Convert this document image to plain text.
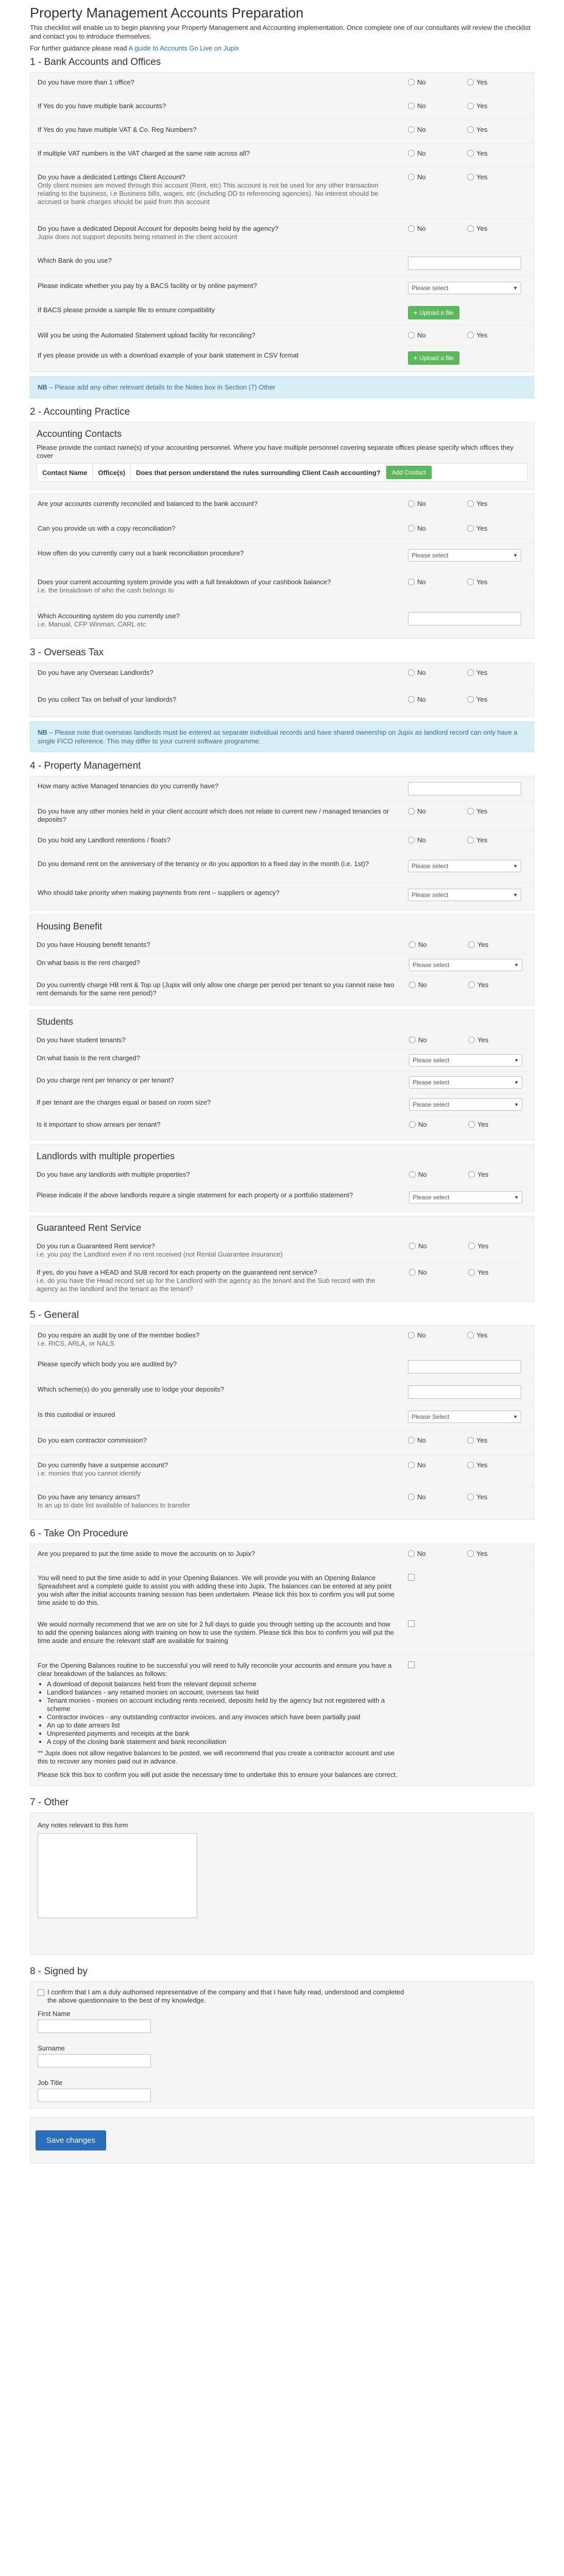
Property Management Accounts Preparation

This checklist will enable us to begin planning your Property Management and Accounting implementation. Once complete one of our consultants will review the checklist and contact you to introduce themselves.

For further guidance please read A guide to Accounts Go Live on Jupix

1 - Bank Accounts and Offices
Do you have more than 1 office?	No	Yes
If Yes do you have multiple bank accounts?	No	Yes
If Yes do you have multiple VAT & Co. Reg Numbers?	No	Yes
If multiple VAT numbers is the VAT charged at the same rate across all?	No	Yes
Do you have a dedicated Lettings Client Account?
Only client monies are moved through this account (Rent, etc) This account is not be used for any other transaction relating to the business, i.e Business bills, wages, etc (including DD to referencing agencies). No interest should be accrued or bank charges should be paid from this account
No	Yes
Do you have a dedicated Deposit Account for deposits being held by the agency?
Jupix does not support deposits being retained in the client account
No	Yes
Which Bank do you use?
Please indicate whether you pay by a BACS facility or by online payment?	Please select	▼
If BACS please provide a sample file to ensure compatibility	+ Upload a file
Will you be using the Automated Statement upload facility for reconciling?	No	Yes
If yes please provide us with a download example of your bank statement in CSV format	+ Upload a file
NB – Please add any other relevant details to the Notes box in Section (7) Other
2 - Accounting Practice
Accounting Contacts
Please provide the contact name(s) of your accounting personnel. Where you have multiple personnel covering separate offices please specify which offices they cover
Contact Name	Office(s)	Does that person understand the rules surrounding Client Cash accounting?	Add Contact
Are your accounts currently reconciled and balanced to the bank account?	No	Yes
Can you provide us with a copy reconciliation?	No	Yes
How often do you currently carry out a bank reconciliation procedure?	Please select	▼
Does your current accounting system provide you with a full breakdown of your cashbook balance?
i.e. the breakdown of who the cash belongs to
No	Yes
Which Accounting system do you currently use?
i.e. Manual, CFP Winman, CARL etc
3 - Overseas Tax
Do you have any Overseas Landlords?	No	Yes
Do you collect Tax on behalf of your landlords?	No	Yes
NB – Please note that overseas landlords must be entered as separate individual records and have shared ownership on Jupix as landlord record can only have a single FICO reference. This may differ to your current software programme.
4 - Property Management
How many active Managed tenancies do you currently have?
Do you have any other monies held in your client account which does not relate to current new / managed tenancies or deposits?
No	Yes
Do you hold any Landlord retentions / floats?	No	Yes
Do you demand rent on the anniversary of the tenancy or do you apportion to a fixed day in the month (i.e. 1st)?	Please select	▼
Who should take priority when making payments from rent – suppliers or agency?	Please select	▼
Housing Benefit
Do you have Housing benefit tenants?	No	Yes
On what basis is the rent charged?	Please select	▼
Do you currently charge HB rent & Top up (Jupix will only allow one charge per period per tenant so you cannot raise two rent demands for the same rent period)?
No	Yes
Students
Do you have student tenants?	No	Yes
On what basis is the rent charged?	Please select	▼
Do you charge rent per tenancy or per tenant?	Please select	▼
If per tenant are the charges equal or based on room size?	Please select	▼
Is it important to show arrears per tenant?	No	Yes
Landlords with multiple properties
Do you have any landlords with multiple properties?	No	Yes
Please indicate if the above landlords require a single statement for each property or a portfolio statement?	Please select	▼
Guaranteed Rent Service
Do you run a Guaranteed Rent service?
i.e. you pay the Landlord even if no rent received (not Rental Guarantee insurance)
No	Yes
If yes, do you have a HEAD and SUB record for each property on the guaranteed rent service?
i.e. do you have the Head record set up for the Landlord with the agency as the tenant and the Sub record with the agency as the landlord and the tenant as the tenant?
No	Yes
5 - General
Do you require an audit by one of the member bodies?
i.e. RICS, ARLA, or NALS
No	Yes
Please specify which body you are audited by?
Which scheme(s) do you generally use to lodge your deposits?
Is this custodial or insured	Please Select	▼
Do you earn contractor commission?	No	Yes
Do you currently have a suspense account?
i.e. monies that you cannot identify
No	Yes
Do you have any tenancy arrears?
Is an up to date list available of balances to transfer
No	Yes
6 - Take On Procedure
Are you prepared to put the time aside to move the accounts on to Jupix?	No	Yes
You will need to put the time aside to add in your Opening Balances. We will provide you with an Opening Balance Spreadsheet and a complete guide to assist you with adding these into Jupix. The balances can be entered at any point you wish after the initial accounts training session has been undertaken. Please tick this box to confirm you will put some time aside to do this.
We would normally recommend that we are on site for 2 full days to guide you through setting up the accounts and how to add the opening balances along with training on how to use the system. Please tick this box to confirm you will put the time aside and ensure the relevant staff are available for training
For the Opening Balances routine to be successful you will need to fully reconcile your accounts and ensure you have a clear breakdown of the balances as follows:
• A download of deposit balances held from the relevant deposit scheme
• Landlord balances - any retained monies on account, overseas tax held
• Tenant monies - monies on account including rents received, deposits held by the agency but not registered with a scheme
• Contractor invoices - any outstanding contractor invoices, and any invoices which have been partially paid
• An up to date arrears list
• Unpresented payments and receipts at the bank
• A copy of the closing bank statement and bank reconciliation
** Jupix does not allow negative balances to be posted, we will recommend that you create a contractor account and use this to recover any monies paid out in advance.
Please tick this box to confirm you will put aside the necessary time to undertake this to ensure your balances are correct.
7 - Other
Any notes relevant to this form
8 - Signed by
I confirm that I am a duly authorised representative of the company and that I have fully read, understood and completed the above questionnaire to the best of my knowledge.
First Name
Surname
Job Title
Save changes
